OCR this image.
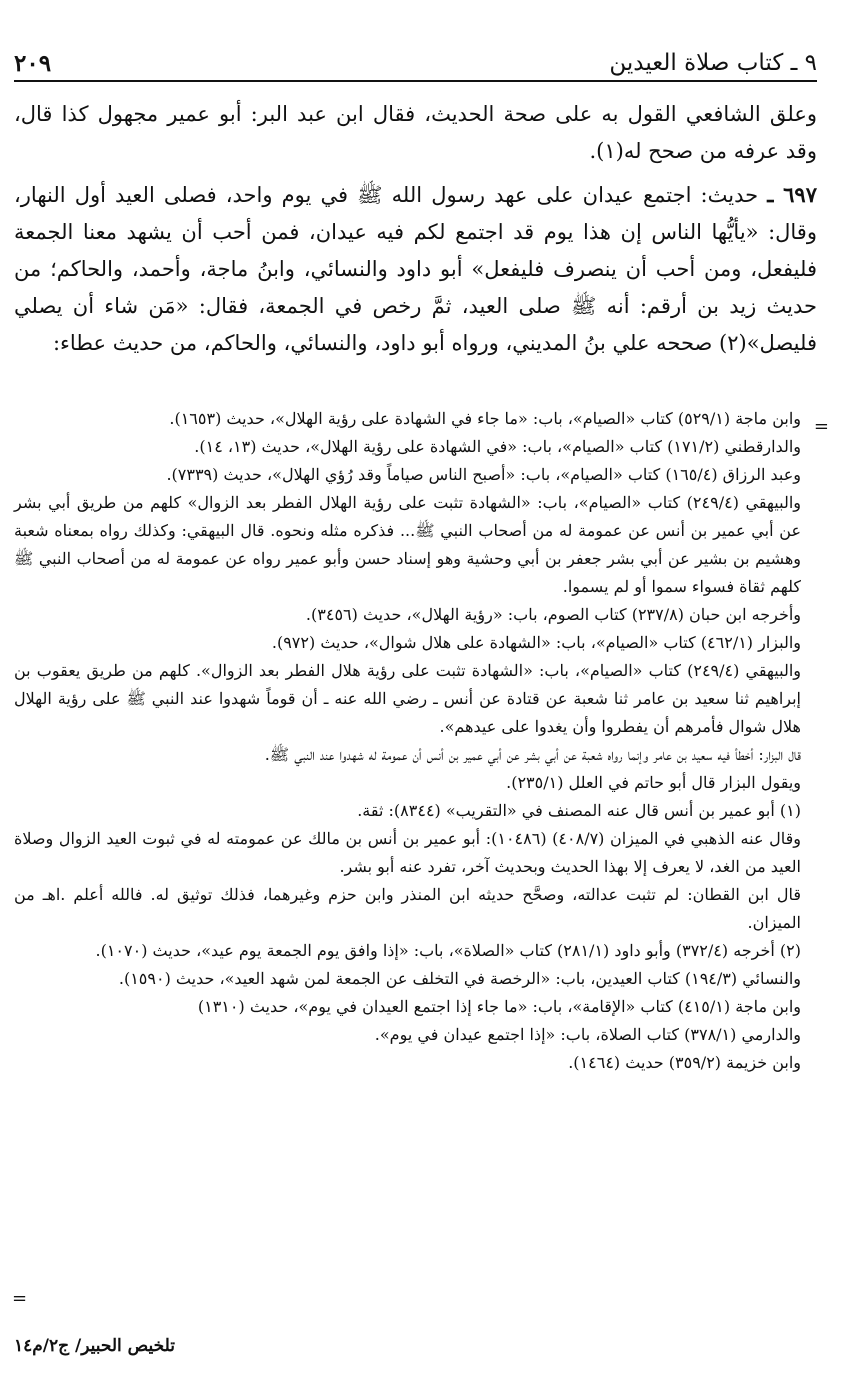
٩ ـ كتاب صلاة العيدين
٢٠٩

وعلق الشافعي القول به على صحة الحديث، فقال ابن عبد البر: أبو عمير مجهول كذا قال، وقد عرفه من صحح له(١).

٦٩٧ ـ حديث: اجتمع عيدان على عهد رسول الله ﷺ في يوم واحد، فصلى العيد أول النهار، وقال: «يأيُّها الناس إن هذا يوم قد اجتمع لكم فيه عيدان، فمن أحب أن يشهد معنا الجمعة فليفعل، ومن أحب أن ينصرف فليفعل» أبو داود والنسائي، وابنُ ماجة، وأحمد، والحاكم؛ من حديث زيد بن أرقم: أنه ﷺ صلى العيد، ثمَّ رخص في الجمعة، فقال: «مَن شاء أن يصلي فليصل»(٢) صححه علي بنُ المديني، ورواه أبو داود، والنسائي، والحاكم، من حديث عطاء:

=

وابن ماجة (٥٢٩/١) كتاب «الصيام»، باب: «ما جاء في الشهادة على رؤية الهلال»، حديث (١٦٥٣).

والدارقطني (١٧١/٢) كتاب «الصيام»، باب: «في الشهادة على رؤية الهلال»، حديث (١٣، ١٤).

وعبد الرزاق (١٦٥/٤) كتاب «الصيام»، باب: «أصبح الناس صياماً وقد رُؤي الهلال»، حديث (٧٣٣٩).

والبيهقي (٢٤٩/٤) كتاب «الصيام»، باب: «الشهادة تثبت على رؤية الهلال الفطر بعد الزوال» كلهم من طريق أبي بشر عن أبي عمير بن أنس عن عمومة له من أصحاب النبي ﷺ... فذكره مثله ونحوه. قال البيهقي: وكذلك رواه بمعناه شعبة وهشيم بن بشير عن أبي بشر جعفر بن أبي وحشية وهو إسناد حسن وأبو عمير رواه عن عمومة له من أصحاب النبي ﷺ كلهم ثقاة فسواء سموا أو لم يسموا.

وأخرجه ابن حبان (٢٣٧/٨) كتاب الصوم، باب: «رؤية الهلال»، حديث (٣٤٥٦).

والبزار (٤٦٢/١) كتاب «الصيام»، باب: «الشهادة على هلال شوال»، حديث (٩٧٢).

والبيهقي (٢٤٩/٤) كتاب «الصيام»، باب: «الشهادة تثبت على رؤية هلال الفطر بعد الزوال». كلهم من طريق يعقوب بن إبراهيم ثنا سعيد بن عامر ثنا شعبة عن قتادة عن أنس ـ رضي الله عنه ـ أن قوماً شهدوا عند النبي ﷺ على رؤية الهلال هلال شوال فأمرهم أن يفطروا وأن يغدوا على عيدهم».

قال البزار: أخطأ فيه سعيد بن عامر وإنما رواه شعبة عن أبي بشر عن أبي عمير بن أنس أن عمومة له شهدوا عند النبي ﷺ.

ويقول البزار قال أبو حاتم في العلل (٢٣٥/١).

(١) أبو عمير بن أنس قال عنه المصنف في «التقريب» (٨٣٤٤): ثقة.

وقال عنه الذهبي في الميزان (٤٠٨/٧) (١٠٤٨٦): أبو عمير بن أنس بن مالك عن عمومته له في ثبوت العيد الزوال وصلاة العيد من الغد، لا يعرف إلا بهذا الحديث وبحديث آخر، تفرد عنه أبو بشر.

قال ابن القطان: لم تثبت عدالته، وصحَّح حديثه ابن المنذر وابن حزم وغيرهما، فذلك توثيق له. فالله أعلم .اهـ من الميزان.

(٢) أخرجه (٣٧٢/٤) وأبو داود (٢٨١/١) كتاب «الصلاة»، باب: «إذا وافق يوم الجمعة يوم عيد»، حديث (١٠٧٠).

والنسائي (١٩٤/٣) كتاب العيدين، باب: «الرخصة في التخلف عن الجمعة لمن شهد العيد»، حديث (١٥٩٠).

وابن ماجة (٤١٥/١) كتاب «الإقامة»، باب: «ما جاء إذا اجتمع العيدان في يوم»، حديث (١٣١٠)

والدارمي (٣٧٨/١) كتاب الصلاة، باب: «إذا اجتمع عيدان في يوم».

وابن خزيمة (٣٥٩/٢) حديث (١٤٦٤).

=
تلخيص الحبير/ ج٢/م١٤
